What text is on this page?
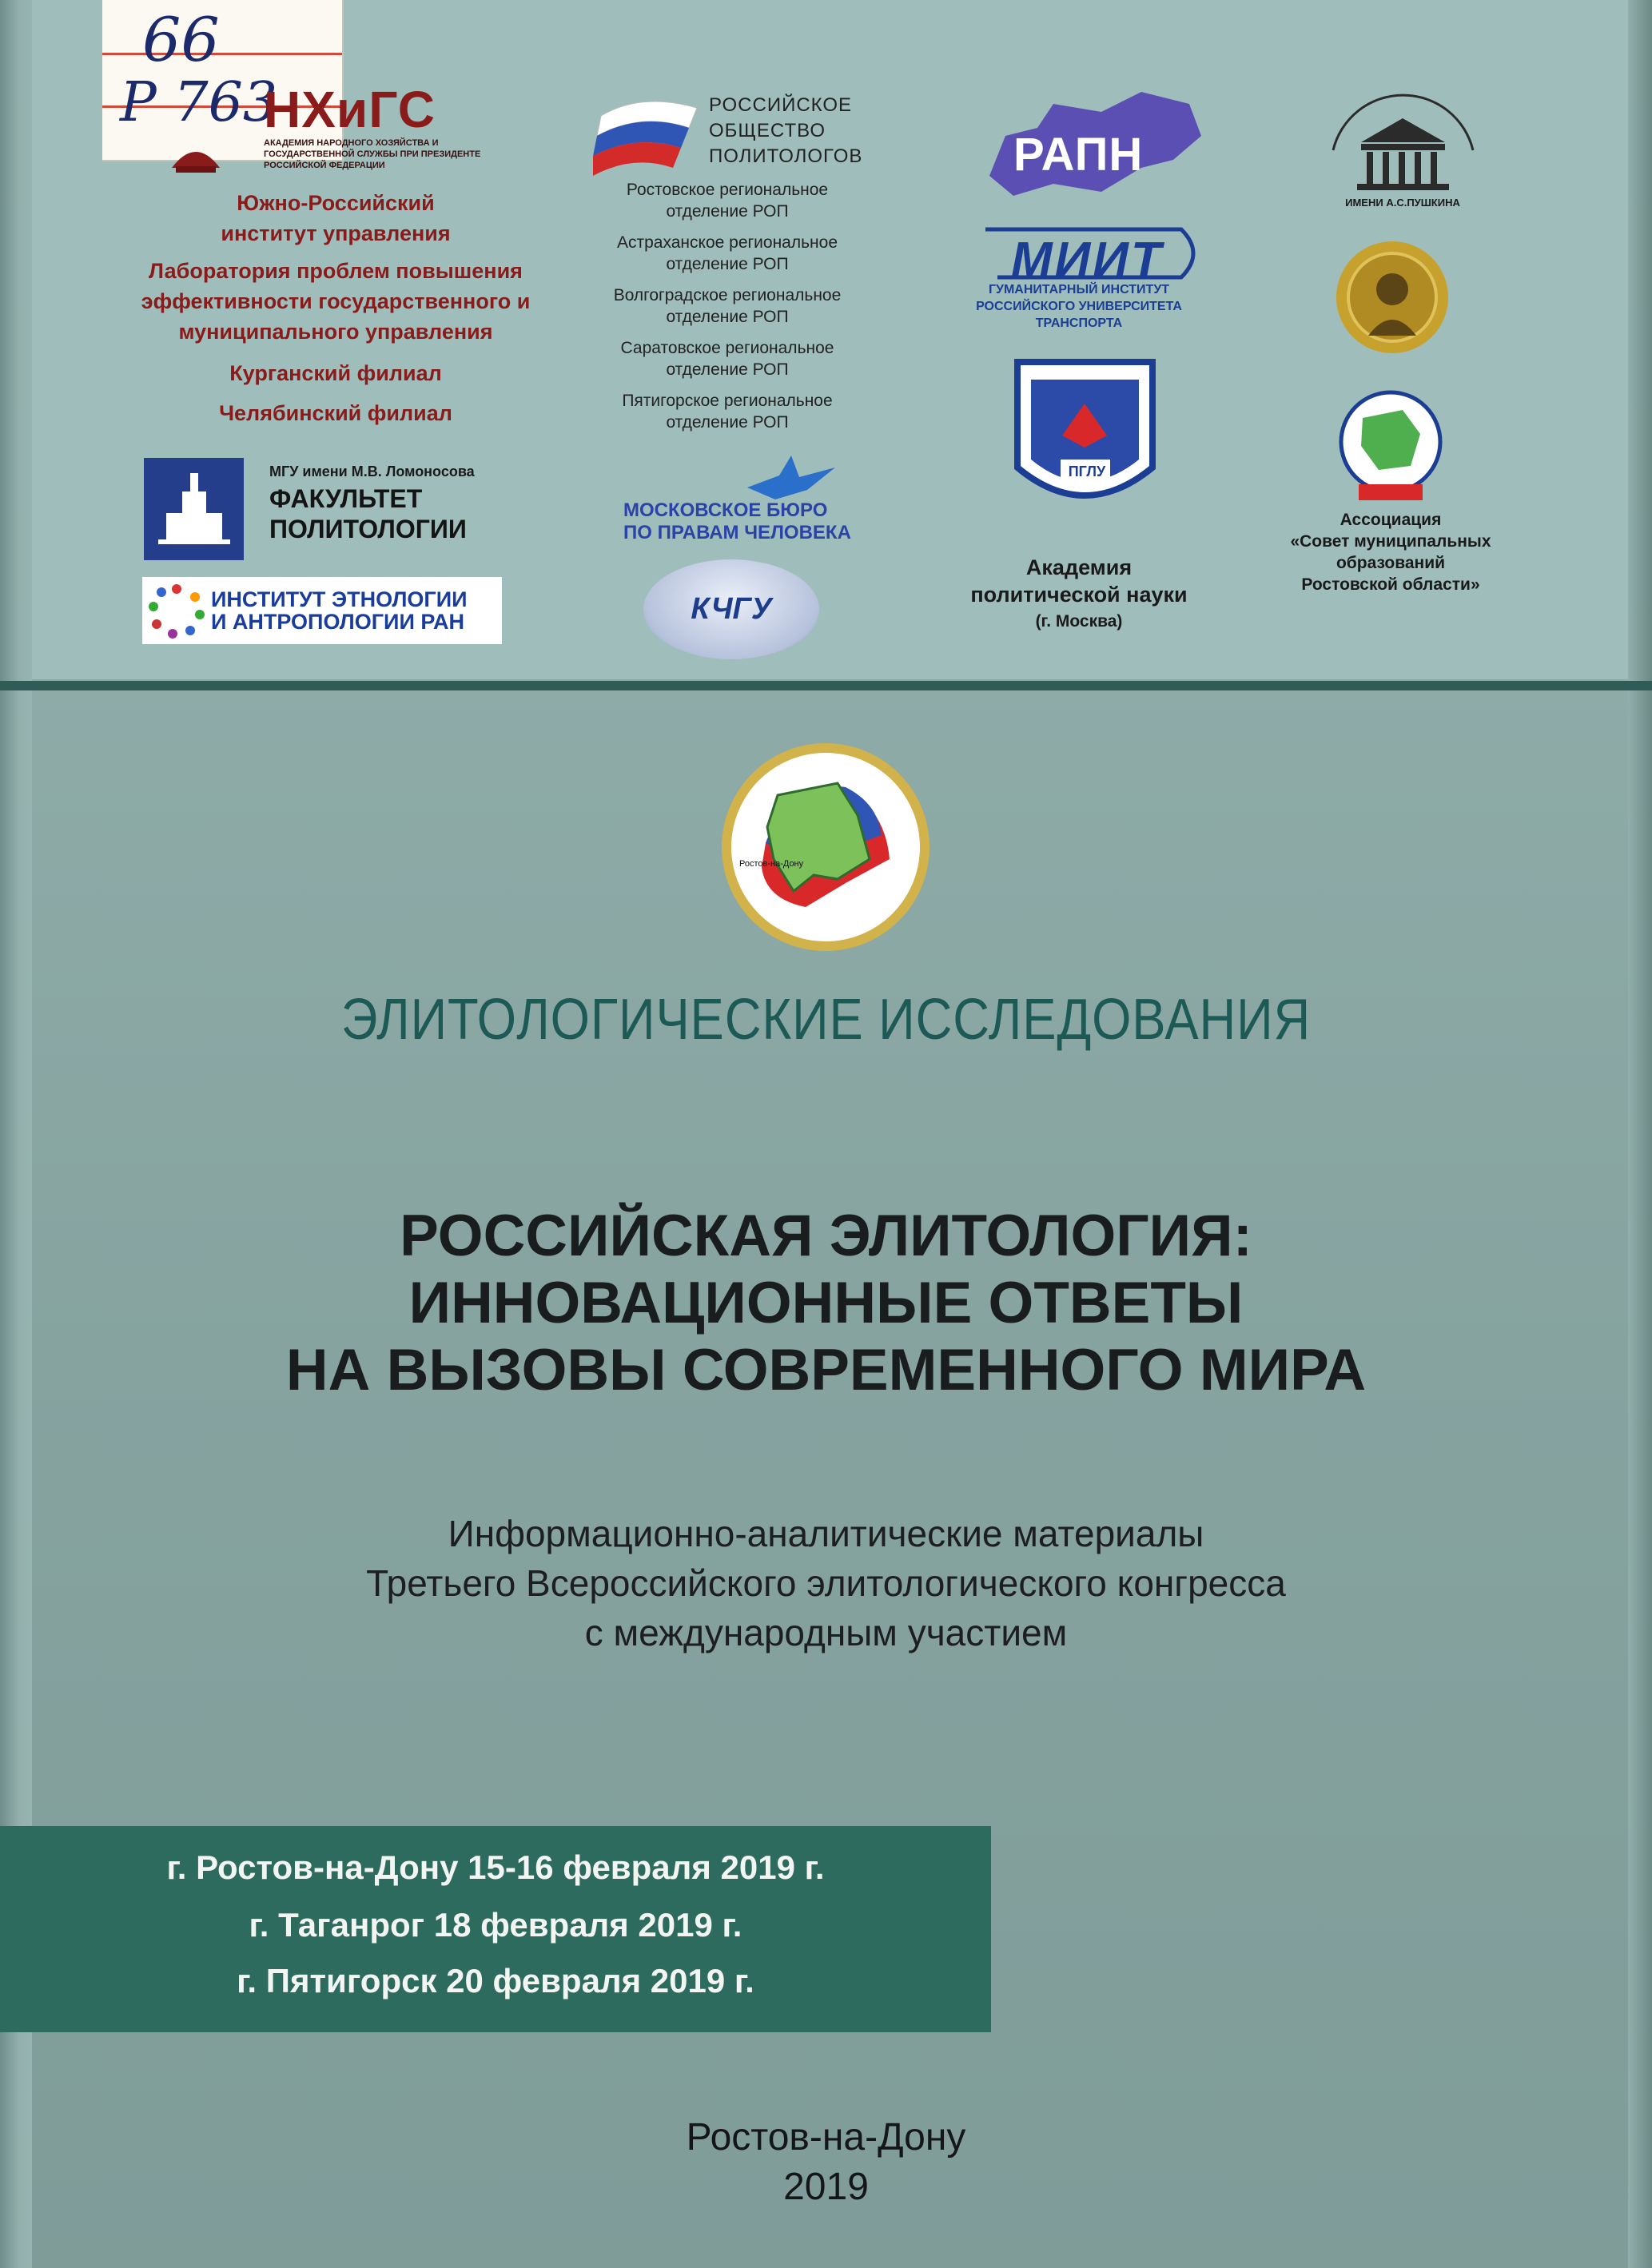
66
Р 763
НХиГС
АКАДЕМИЯ НАРОДНОГО ХОЗЯЙСТВА И ГОСУДАРСТВЕННОЙ СЛУЖБЫ ПРИ ПРЕЗИДЕНТЕ РОССИЙСКОЙ ФЕДЕРАЦИИ
Южно-Российский
институт управления
Лаборатория проблем повышения
эффективности государственного и
муниципального управления
Курганский филиал
Челябинский филиал
МГУ имени М.В. Ломоносова
ФАКУЛЬТЕТ
ПОЛИТОЛОГИИ
ИНСТИТУТ ЭТНОЛОГИИ
И АНТРОПОЛОГИИ РАН
РОССИЙСКОЕ
ОБЩЕСТВО
ПОЛИТОЛОГОВ
Ростовское региональное
отделение РОП
Астраханское региональное
отделение РОП
Волгоградское региональное
отделение РОП
Саратовское региональное
отделение РОП
Пятигорское региональное
отделение РОП
МОСКОВСКОЕ БЮРО
ПО ПРАВАМ ЧЕЛОВЕКА
КЧГУ
РАПН
МИИТ
ГУМАНИТАРНЫЙ ИНСТИТУТ
РОССИЙСКОГО УНИВЕРСИТЕТА
ТРАНСПОРТА
ПГЛУ
Академия
политической науки
(г. Москва)
ИМЕНИ А.С.ПУШКИНА
Ассоциация
«Совет муниципальных
образований
Ростовской области»
Ростов-на-Дону
ЭЛИТОЛОГИЧЕСКИЕ ИССЛЕДОВАНИЯ
РОССИЙСКАЯ ЭЛИТОЛОГИЯ:
ИННОВАЦИОННЫЕ ОТВЕТЫ
НА ВЫЗОВЫ СОВРЕМЕННОГО МИРА
Информационно-аналитические материалы
Третьего Всероссийского элитологического конгресса
с международным участием
г. Ростов-на-Дону 15-16 февраля 2019 г.
г. Таганрог 18 февраля 2019 г.
г. Пятигорск 20 февраля 2019 г.
Ростов-на-Дону
2019
